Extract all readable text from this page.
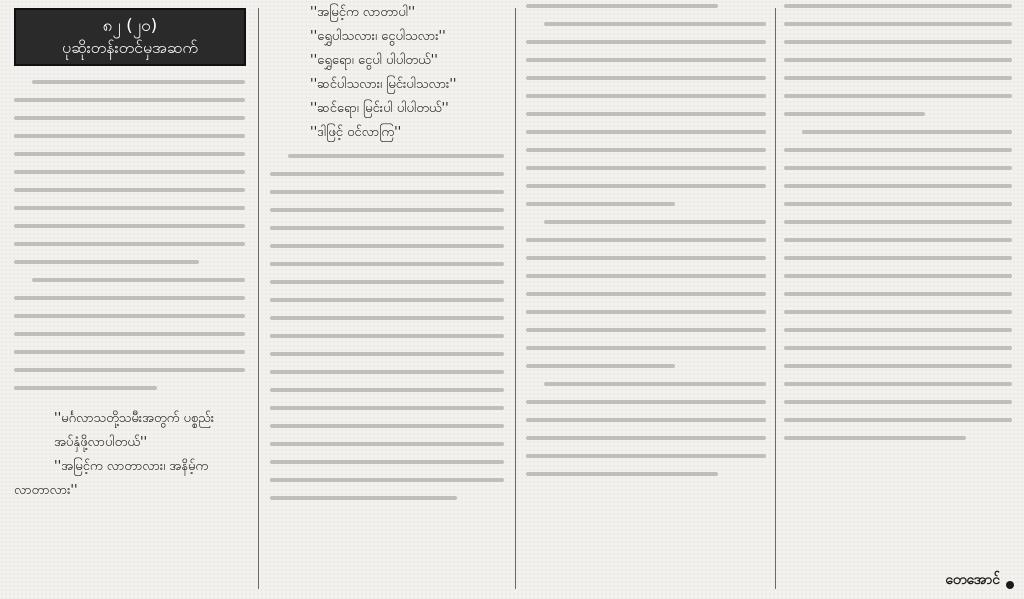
၈၂ (၂၀)
ပုဆိုးတန်းတင်မှအဆက်
''မင်္ဂလာသတို့သမီးအတွက် ပစ္စည်း
အပ်နှံဖို့လာပါတယ်''
''အမြင့်က လာတာလား၊ အနိမ့်က
လာတာလား''
''အမြင့်က လာတာပါ''
''ရွှေပါသလား၊ ငွေပါသလား''
''ရွှေရော၊ ငွေပါ ပါပါတယ်''
''ဆင်ပါသလား၊ မြင်းပါသလား''
''ဆင်ရော၊ မြင်းပါ ပါပါတယ်''
''ဒါဖြင့် ဝင်လာကြ''
တေအောင်
